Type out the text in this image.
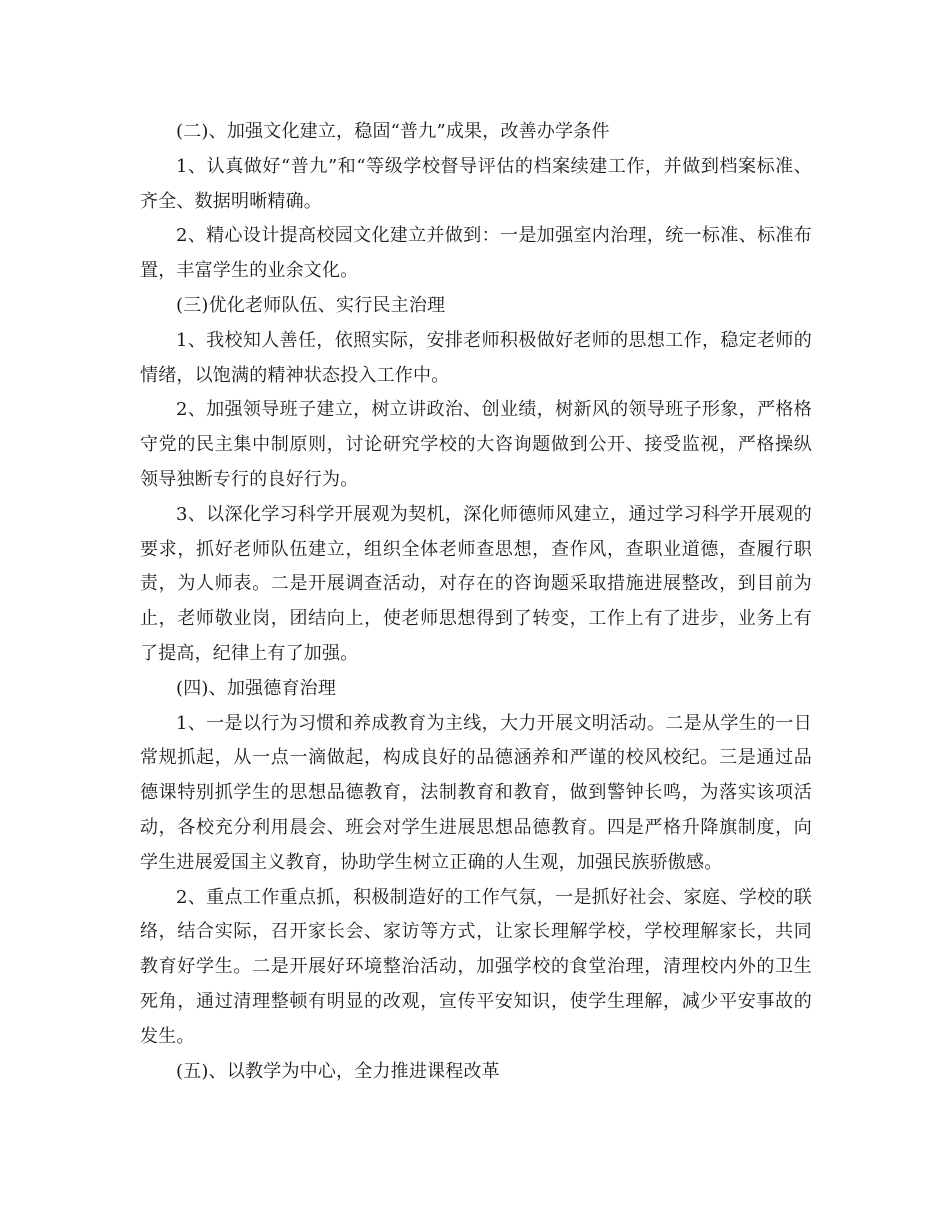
(二)、加强文化建立，稳固“普九”成果，改善办学条件

1、认真做好“普九”和“等级学校督导评估的档案续建工作，并做到档案标准、齐全、数据明晰精确。

2、精心设计提高校园文化建立并做到：一是加强室内治理，统一标准、标准布置，丰富学生的业余文化。

(三)优化老师队伍、实行民主治理

1、我校知人善任，依照实际，安排老师积极做好老师的思想工作，稳定老师的情绪，以饱满的精神状态投入工作中。

2、加强领导班子建立，树立讲政治、创业绩，树新风的领导班子形象，严格格守党的民主集中制原则，讨论研究学校的大咨询题做到公开、接受监视，严格操纵领导独断专行的良好行为。

3、以深化学习科学开展观为契机，深化师德师风建立，通过学习科学开展观的要求，抓好老师队伍建立，组织全体老师查思想，查作风，查职业道德，查履行职责，为人师表。二是开展调查活动，对存在的咨询题采取措施进展整改，到目前为止，老师敬业岗，团结向上，使老师思想得到了转变，工作上有了进步，业务上有了提高，纪律上有了加强。

(四)、加强德育治理

1、一是以行为习惯和养成教育为主线，大力开展文明活动。二是从学生的一日常规抓起，从一点一滴做起，构成良好的品德涵养和严谨的校风校纪。三是通过品德课特别抓学生的思想品德教育，法制教育和教育，做到警钟长鸣，为落实该项活动，各校充分利用晨会、班会对学生进展思想品德教育。四是严格升降旗制度，向学生进展爱国主义教育，协助学生树立正确的人生观，加强民族骄傲感。

2、重点工作重点抓，积极制造好的工作气氛，一是抓好社会、家庭、学校的联络，结合实际，召开家长会、家访等方式，让家长理解学校，学校理解家长，共同教育好学生。二是开展好环境整治活动，加强学校的食堂治理，清理校内外的卫生死角，通过清理整顿有明显的改观，宣传平安知识，使学生理解，减少平安事故的发生。

(五)、以教学为中心，全力推进课程改革
